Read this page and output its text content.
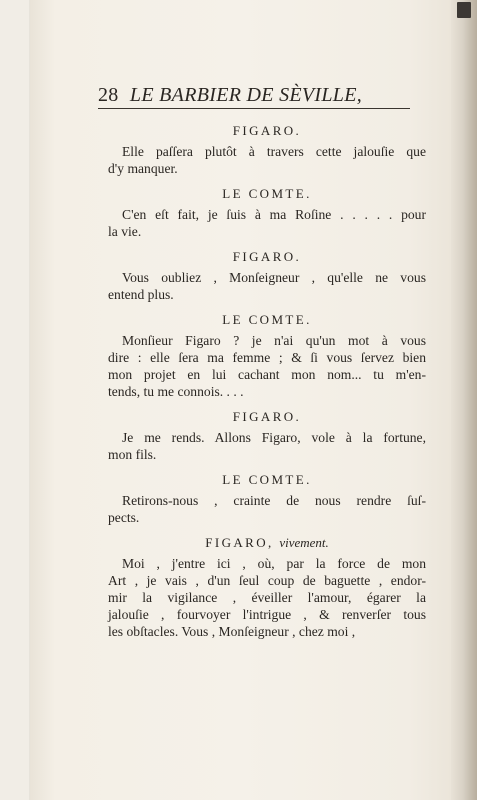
28 LE BARBIER DE SÈVILLE,
FIGARO.
Elle paſſera plutôt à travers cette jalouſie que
d'y manquer.
LE COMTE.
C'en eſt fait, je ſuis à ma Roſine . . . . . pour
la vie.
FIGARO.
Vous oubliez , Monſeigneur , qu'elle ne vous
entend plus.
LE COMTE.
Monſieur Figaro ? je n'ai qu'un mot à vous
dire : elle ſera ma femme ; & ſi vous ſervez bien
mon projet en lui cachant mon nom... tu m'en-
tends, tu me connois. . . .
FIGARO.
Je me rends. Allons Figaro, vole à la fortune,
mon fils.
LE COMTE.
Retirons-nous , crainte de nous rendre ſuſ-
pects.
FIGARO, vivement.
Moi , j'entre ici , où, par la force de mon
Art , je vais , d'un ſeul coup de baguette , endor-
mir la vigilance , éveiller l'amour, égarer la
jalouſie , fourvoyer l'intrigue , & renverſer tous
les obſtacles. Vous , Monſeigneur , chez moi ,
